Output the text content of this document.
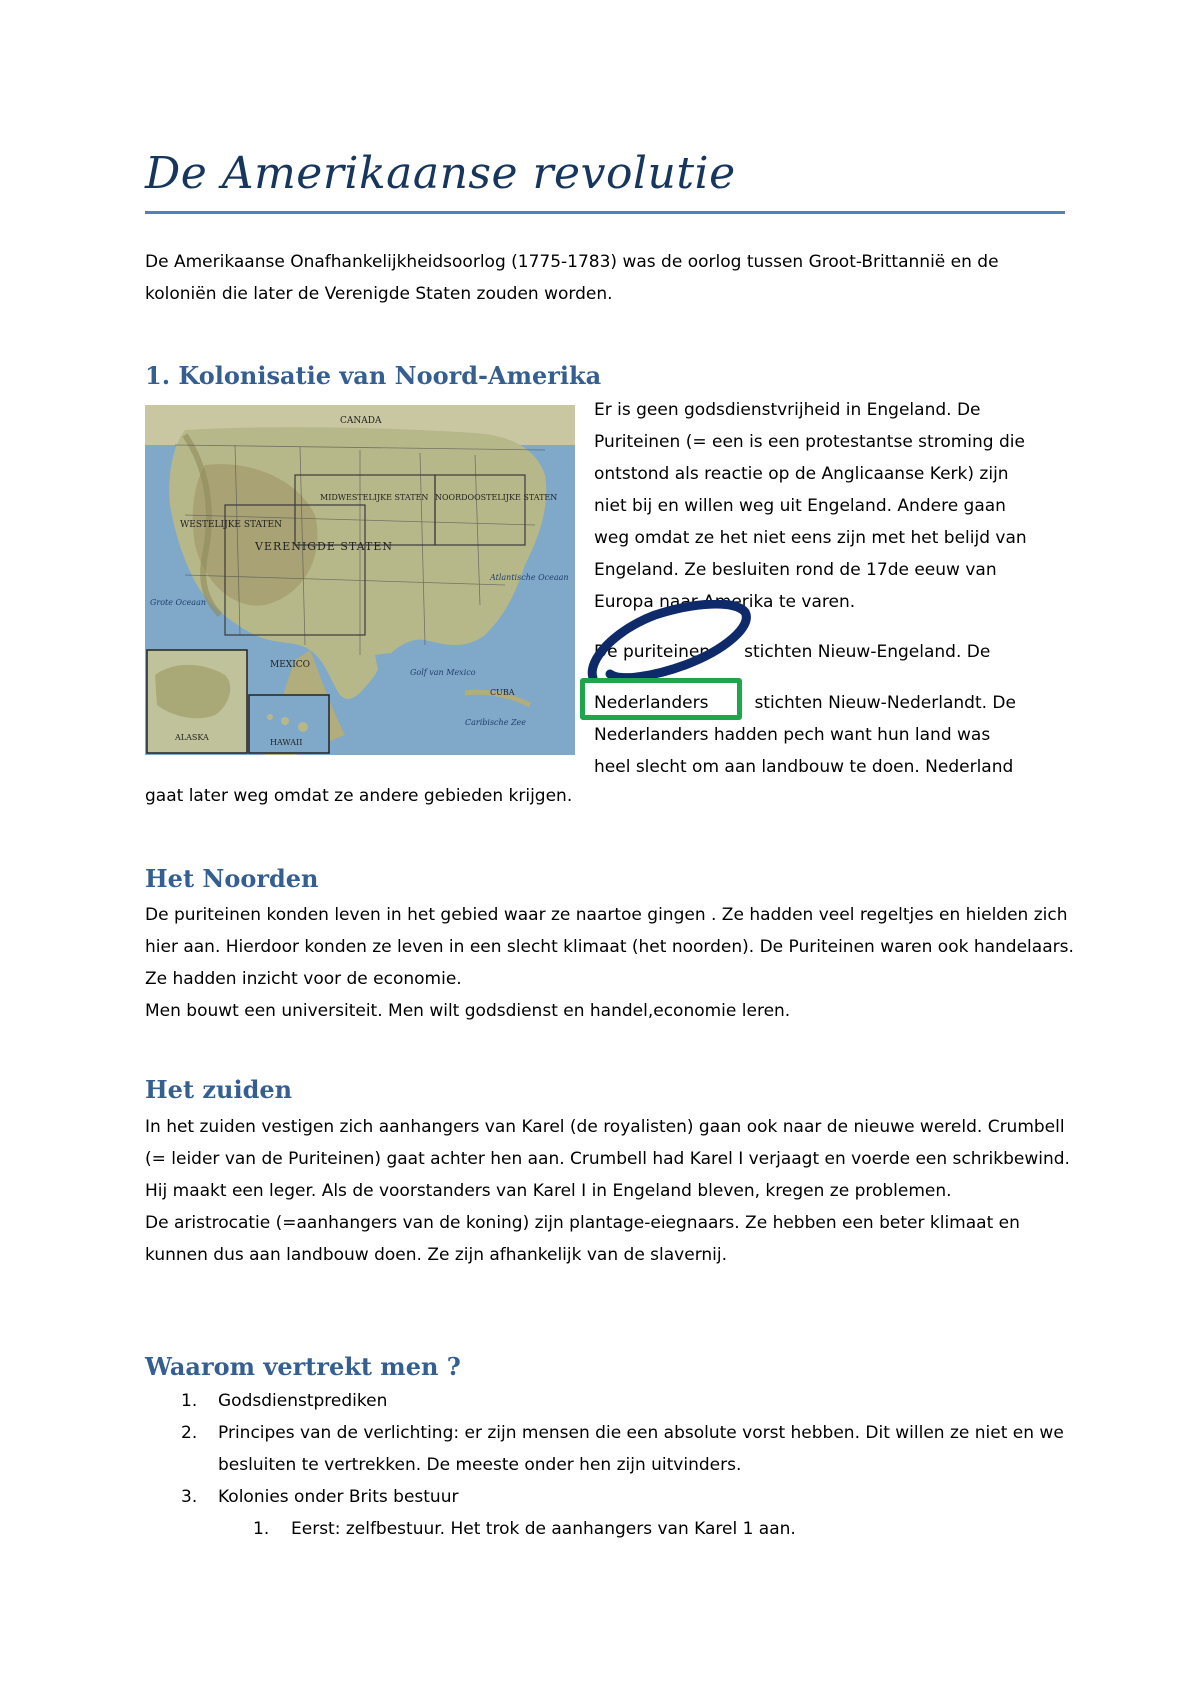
De Amerikaanse revolutie
De Amerikaanse Onafhankelijkheidsoorlog (1775-1783) was de oorlog tussen Groot-Brittannië en de koloniën die later de Verenigde Staten zouden worden.
1. Kolonisatie van Noord-Amerika
CANADA
MIDWESTELIJKE STATEN NOORDOOSTELIJKE STATEN
WESTELIJKE STATEN
VERENIGDE STATEN
MEXICO
Grote Oceaan
Atlantische Oceaan
Golf van Mexico
CUBA
Caribische Zee
ALASKA
HAWAII
Er is geen godsdienstvrijheid in Engeland. De
Puriteinen (= een is een protestantse stroming die
ontstond als reactie op de Anglicaanse Kerk) zijn
niet bij en willen weg uit Engeland. Andere gaan
weg omdat ze het niet eens zijn met het belijd van
Engeland. Ze besluiten rond de 17de eeuw van
Europa naar Amerika te varen.
De puriteinen stichten Nieuw-Engeland. De
Nederlanders	stichten Nieuw-Nederlandt. De
Nederlanders hadden pech want hun land was
heel slecht om aan landbouw te doen. Nederland
gaat later weg omdat ze andere gebieden krijgen.
Het Noorden
De puriteinen konden leven in het gebied waar ze naartoe gingen . Ze hadden veel regeltjes en hielden zich hier aan. Hierdoor konden ze leven in een slecht klimaat (het noorden). De Puriteinen waren ook handelaars. Ze hadden inzicht voor de economie.
Men bouwt een universiteit. Men wilt godsdienst en handel,economie leren.
Het zuiden
In het zuiden vestigen zich aanhangers van Karel (de royalisten) gaan ook naar de nieuwe wereld. Crumbell (= leider van de Puriteinen) gaat achter hen aan. Crumbell had Karel I verjaagt en voerde een schrikbewind. Hij maakt een leger. Als de voorstanders van Karel I in Engeland bleven, kregen ze problemen.
De aristrocatie (=aanhangers van de koning) zijn plantage-eiegnaars. Ze hebben een beter klimaat en kunnen dus aan landbouw doen. Ze zijn afhankelijk van de slavernij.
Waarom vertrekt men ?
1. Godsdienstprediken
2. Principes van de verlichting: er zijn mensen die een absolute vorst hebben. Dit willen ze niet en we besluiten te vertrekken. De meeste onder hen zijn uitvinders.
3. Kolonies onder Brits bestuur
1. Eerst: zelfbestuur. Het trok de aanhangers van Karel 1 aan.
